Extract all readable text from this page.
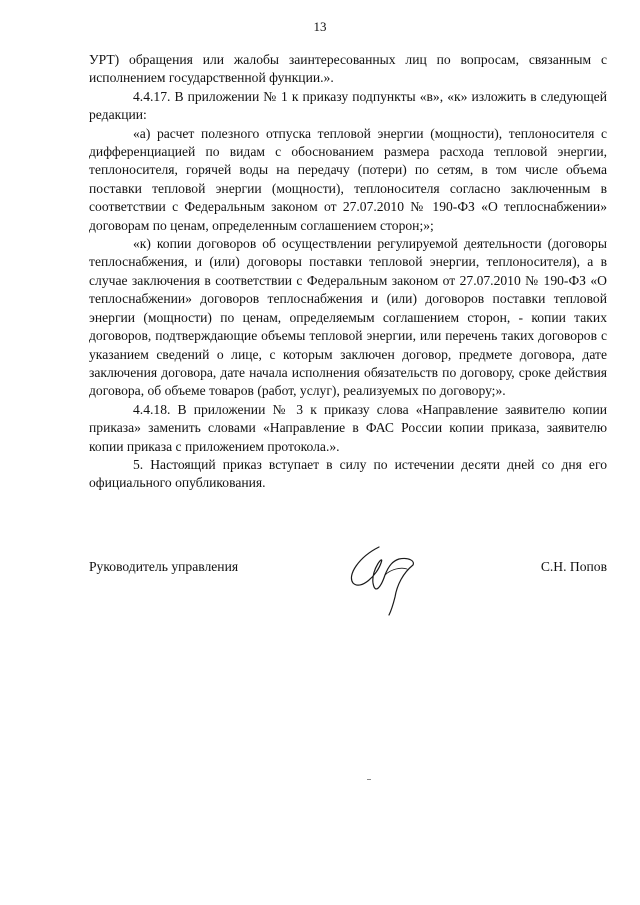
13

УРТ) обращения или жалобы заинтересованных лиц по вопросам, связанным с исполнением государственной функции.».

4.4.17. В приложении № 1 к приказу подпункты «в», «к» изложить в следующей редакции:

«а) расчет полезного отпуска тепловой энергии (мощности), теплоносителя с дифференциацией по видам с обоснованием размера расхода тепловой энергии, теплоносителя, горячей воды на передачу (потери) по сетям, в том числе объема поставки тепловой энергии (мощности), теплоносителя согласно заключенным в соответствии с Федеральным законом от 27.07.2010 № 190-ФЗ «О теплоснабжении» договорам по ценам, определенным соглашением сторон;»;

«к) копии договоров об осуществлении регулируемой деятельности (договоры теплоснабжения, и (или) договоры поставки тепловой энергии, теплоносителя), а в случае заключения в соответствии с Федеральным законом от 27.07.2010 № 190-ФЗ «О теплоснабжении» договоров теплоснабжения и (или) договоров поставки тепловой энергии (мощности) по ценам, определяемым соглашением сторон, - копии таких договоров, подтверждающие объемы тепловой энергии, или перечень таких договоров с указанием сведений о лице, с которым заключен договор, предмете договора, дате заключения договора, дате начала исполнения обязательств по договору, сроке действия договора, об объеме товаров (работ, услуг), реализуемых по договору;».

4.4.18. В приложении № 3 к приказу слова «Направление заявителю копии приказа» заменить словами «Направление в ФАС России копии приказа, заявителю копии приказа с приложением протокола.».

5. Настоящий приказ вступает в силу по истечении десяти дней со дня его официального опубликования.

Руководитель управления	С.Н. Попов
